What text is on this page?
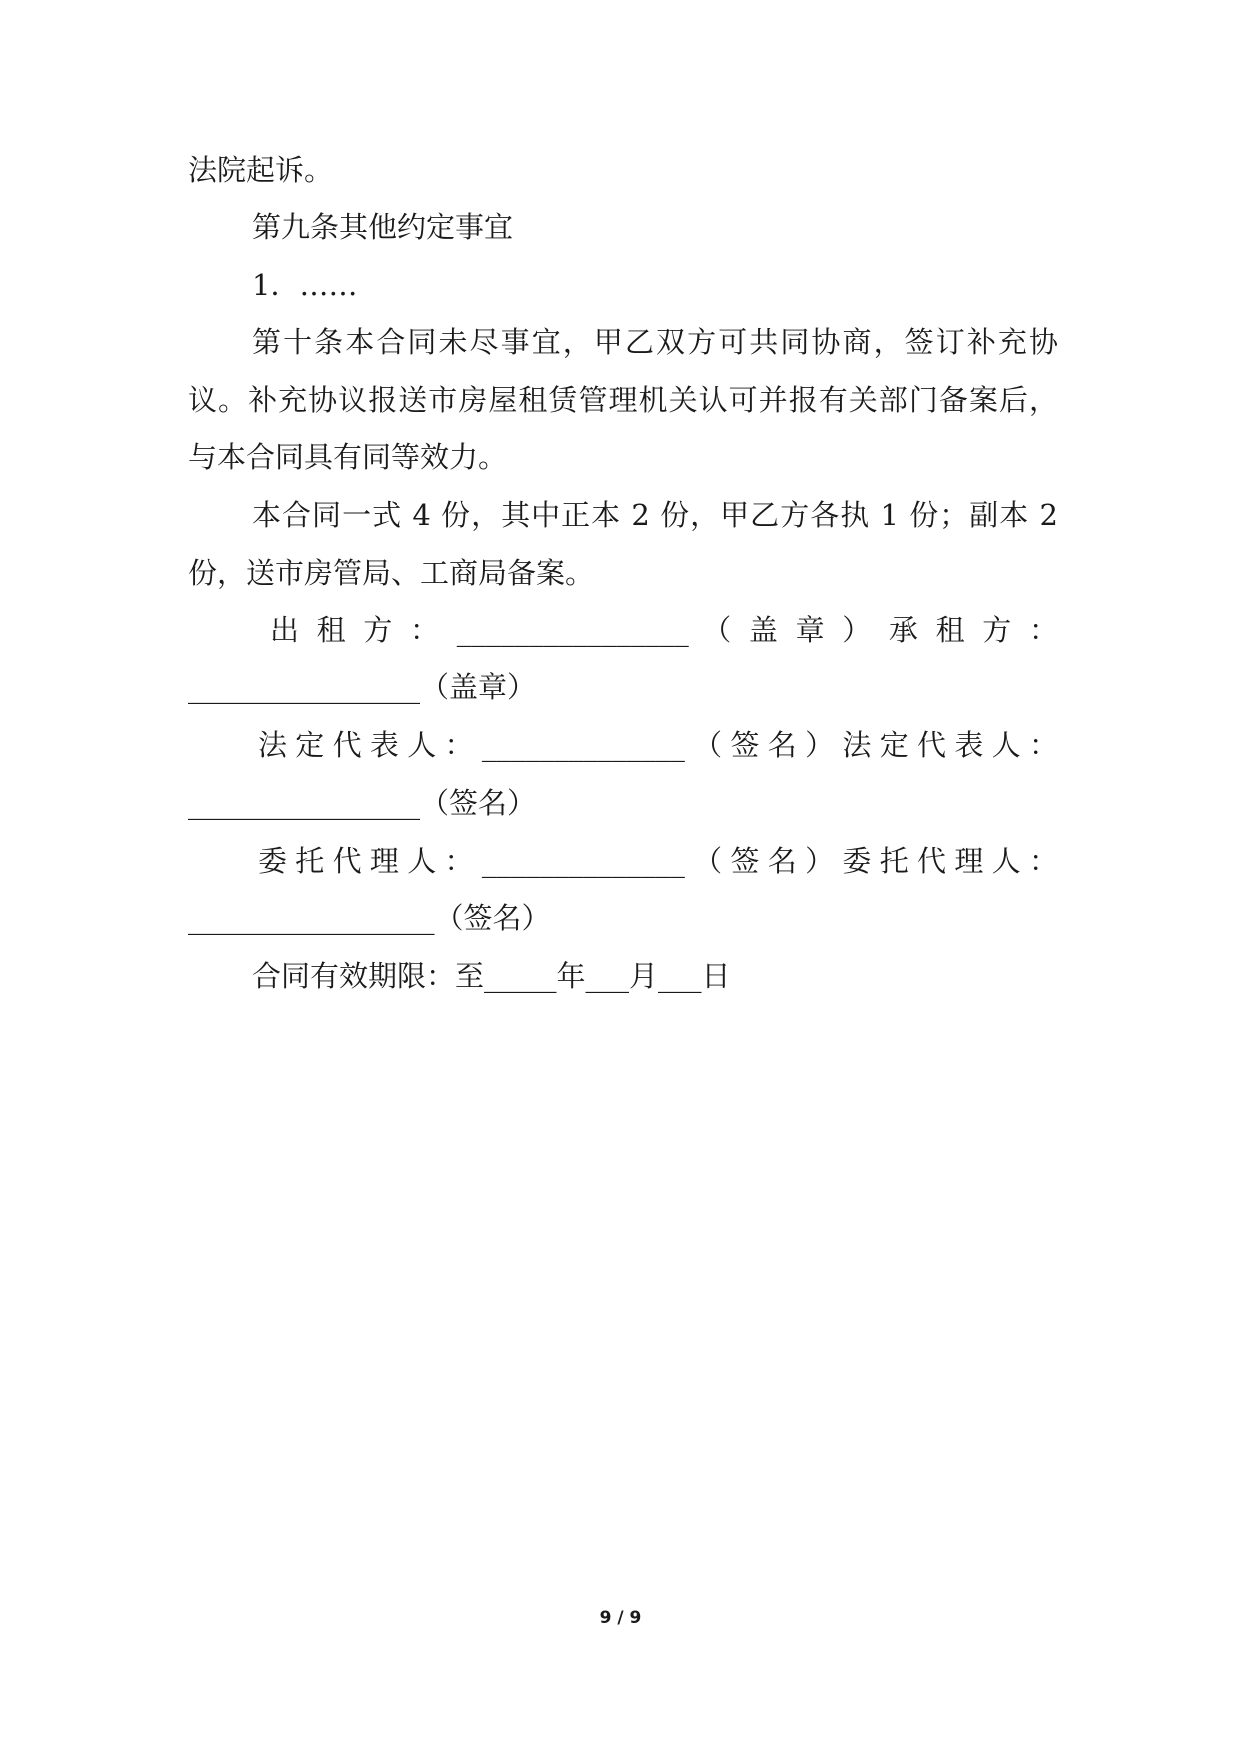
法院起诉。
第九条其他约定事宜
1．……
第十条本合同未尽事宜，甲乙双方可共同协商，签订补充协
议。补充协议报送市房屋租赁管理机关认可并报有关部门备案后，
与本合同具有同等效力。
本合同一式 4 份，其中正本 2 份，甲乙方各执 1 份；副本 2
份，送市房管局、工商局备案。
出 租 方 ： ________________ （ 盖 章 ） 承 租 方 ：
________________（盖章）
法定代表人：______________（签名）法定代表人：
________________（签名）
委托代理人：______________（签名）委托代理人：
_________________（签名）
合同有效期限：至_____年___月___日
9 / 9
